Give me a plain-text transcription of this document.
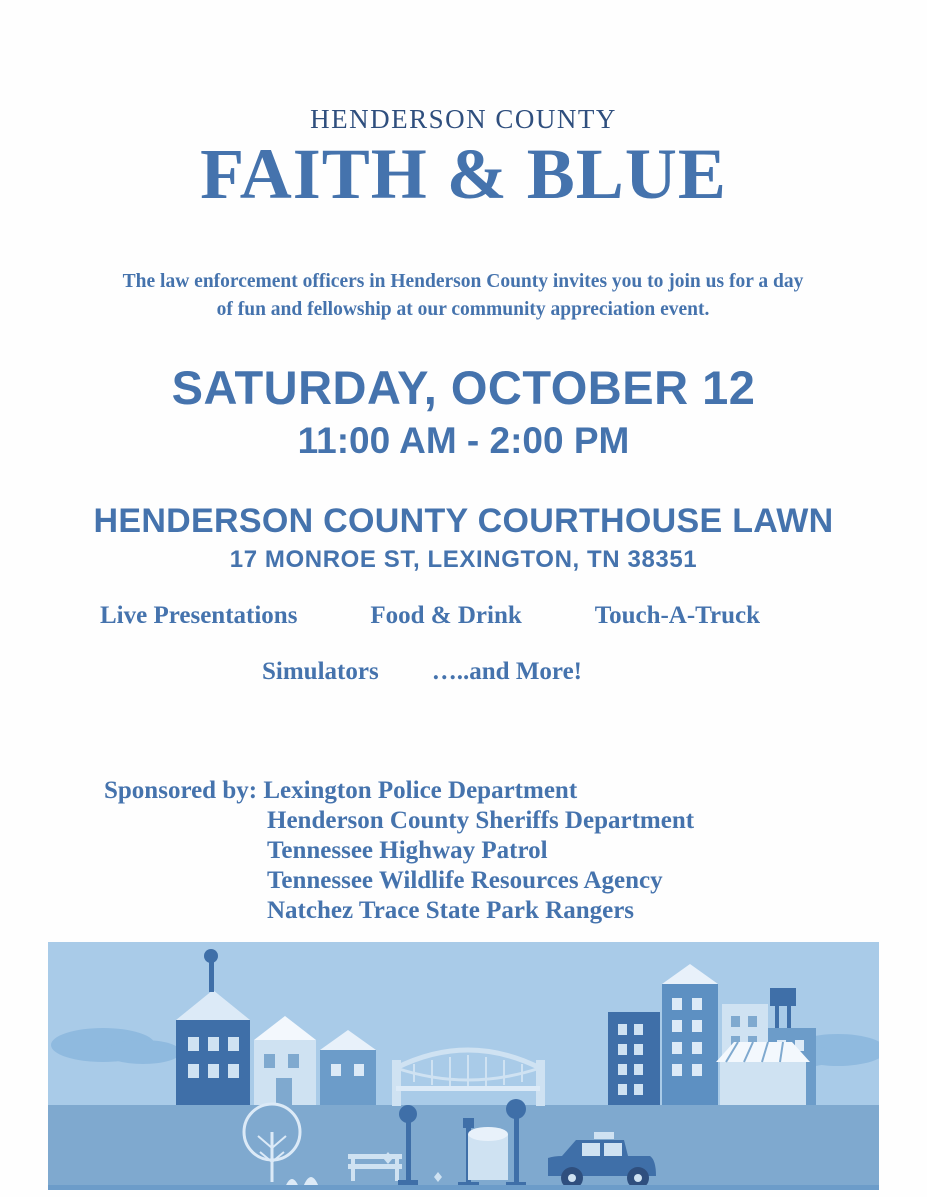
HENDERSON COUNTY
FAITH & BLUE
The law enforcement officers in Henderson County invites you to join us for a day of fun and fellowship at our community appreciation event.
SATURDAY, OCTOBER 12
11:00 AM - 2:00 PM
HENDERSON COUNTY COURTHOUSE LAWN
17 MONROE ST, LEXINGTON, TN 38351
Live Presentations	Food & Drink	Touch-A-Truck
Simulators …..and More!
Sponsored by: Lexington Police Department
Henderson County Sheriffs Department
Tennessee Highway Patrol
Tennessee Wildlife Resources Agency
Natchez Trace State Park Rangers
